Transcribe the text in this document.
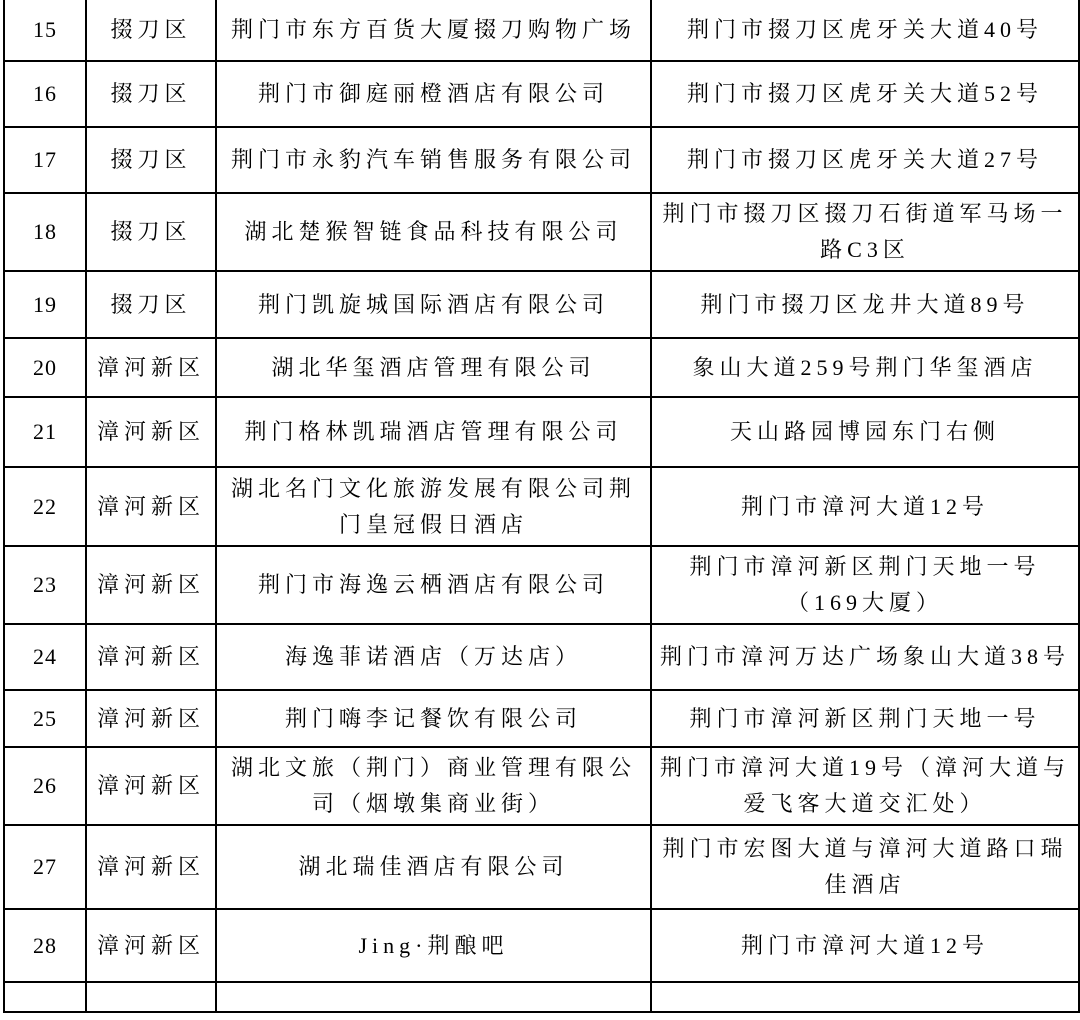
15	掇刀区	荆门市东方百货大厦掇刀购物广场	荆门市掇刀区虎牙关大道40号
16	掇刀区	荆门市御庭丽橙酒店有限公司	荆门市掇刀区虎牙关大道52号
17	掇刀区	荆门市永豹汽车销售服务有限公司	荆门市掇刀区虎牙关大道27号
18	掇刀区	湖北楚猴智链食品科技有限公司	荆门市掇刀区掇刀石街道军马场一路C3区
19	掇刀区	荆门凯旋城国际酒店有限公司	荆门市掇刀区龙井大道89号
20	漳河新区	湖北华玺酒店管理有限公司	象山大道259号荆门华玺酒店
21	漳河新区	荆门格林凯瑞酒店管理有限公司	天山路园博园东门右侧
22	漳河新区	湖北名门文化旅游发展有限公司荆门皇冠假日酒店	荆门市漳河大道12号
23	漳河新区	荆门市海逸云栖酒店有限公司	荆门市漳河新区荆门天地一号（169大厦）
24	漳河新区	海逸菲诺酒店（万达店）	荆门市漳河万达广场象山大道38号
25	漳河新区	荆门嗨李记餐饮有限公司	荆门市漳河新区荆门天地一号
26	漳河新区	湖北文旅（荆门）商业管理有限公司（烟墩集商业街）	荆门市漳河大道19号（漳河大道与爱飞客大道交汇处）
27	漳河新区	湖北瑞佳酒店有限公司	荆门市宏图大道与漳河大道路口瑞佳酒店
28	漳河新区	Jing·荆酿吧	荆门市漳河大道12号
